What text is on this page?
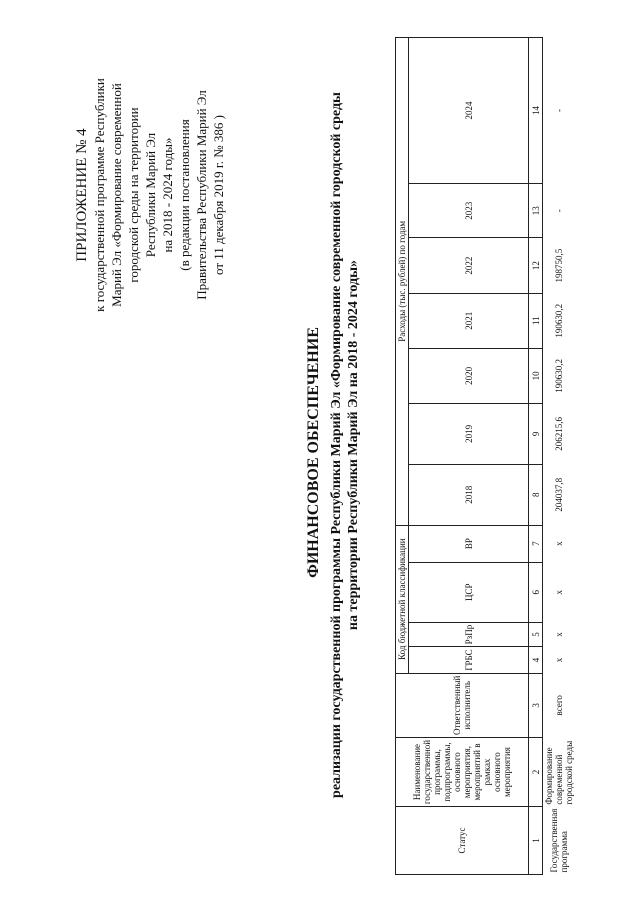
ПРИЛОЖЕНИЕ № 4 к государственной программе Республики Марий Эл «Формирование современной городской среды на территории Республики Марий Эл на 2018 - 2024 годы» (в редакции постановления Правительства Республики Марий Эл от 11 декабря 2019 г. № 386 )
ФИНАНСОВОЕ ОБЕСПЕЧЕНИЕ реализации государственной программы Республики Марий Эл «Формирование современной городской среды на территории Республики Марий Эл на 2018 - 2024 годы»
Статус	Наименование государственной программы, подпрограммы, основного мероприятия, мероприятий в рамках основного мероприятия	Ответственный исполнитель	Код бюджетной классификации				Расходы (тыс. рублей) по годам						
			ГРБС	РзПр	ЦСР	ВР	2018	2019	2020	2021	2022	2023	2024
1	2	3	4	5	6	7	8	9	10	11	12	13	14
Государственная программа	Формирование современной городской среды	всего	х	х	х	х	204037,8	206215,6	190630,2	190630,2	198750,5	-	-
